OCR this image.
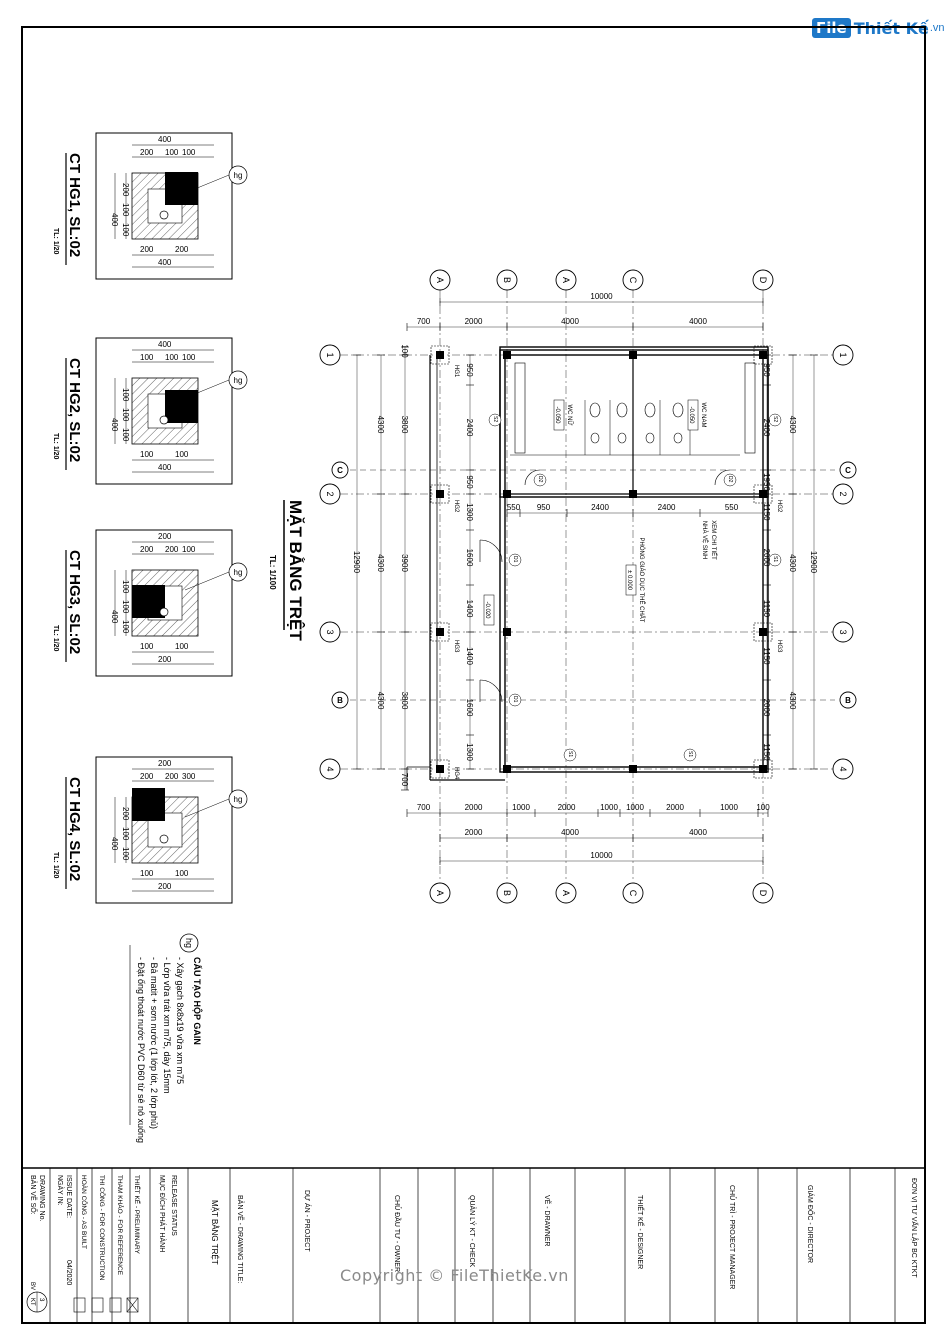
File Thiết Kế .vn
400
200 100 100
200	200
400
400
200
100
100
hg
CT HG1, SL:02
TL: 1/20
400
100 100 100
100	100
400
400
100
100
100
hg
CT HG2, SL:02
TL: 1/20
200
200 200 100
100	100
200
400
100
100
100
hg
CT HG3, SL:02
TL: 1/20
200
200 200 300
100	100
200
400
200
100
100
hg
CT HG4, SL:02
TL: 1/20
MẶT BẰNG TRỆT
TL: 1/100
A
A
B
B
A
A
C
C
D
D
1	1
2	2
3	3
4	4
C	C
B	B
HG1
HG2
HG3
HG4
HG2
HG3
D1
D1
D2	D2
S1	S1
S1
S2	S2
WC NỮ
-0.050	WC NAM
-0.050
PHÒNG GIÁO DỤC THỂ CHẤT
± 0.000
-0.020
XEM CHI TIẾT
NHÀ VỆ SINH
10000
700	2000	4000	4000
550 950	2400	2400	550
700	2000	1000	2000	1000 1000	2000	1000 100
2000	4000	4000
10000
12900
4300
4300
4300
950
2400
950
1300
1600
1400
1400
1600
1300
100
3800
3900
3800
700
12900
4300
4300
4300
950
2400
1950
1150
2000
1150
1150
2000
1150
hg
CẤU TẠO HỘP GAIN
- Xây gạch 8x8x19 vữa xm m75
- Lớp vữa trát xm m75, dày 15mm
- Bả matit + sơn nước (1 lớp lót, 2 lớp phủ)
- Đặt ống thoát nước PVC D60 từ sê nô xuống
BẢN VẼ SỐ: DRAWING No.
KT 3
BV
NGÀY IN: ISSUE DATE:
04/2020
HOÀN CÔNG - AS BUILT	THI CÔNG - FOR CONSTRUCTION	THAM KHẢO - FOR REFERENCE	THIẾT KẾ - PRELIMINARY	MỤC ĐÍCH PHÁT HÀNH RELEASE STATUS	MẶT BẰNG TRỆT BẢN VẼ - DRAWING TITLE:	DỰ ÁN - PROJECT	CHỦ ĐẦU TƯ - OWNER	QUẢN LÝ KT - CHECK	VẼ - DRAWNER	THIẾT KẾ - DESIGNER	CHỦ TRÌ - PROJECT MANAGER	GIÁM ĐỐC - DIRECTOR	ĐƠN VỊ TƯ VẤN LẬP BC KTKT
Copyright © FileThietKe.vn
